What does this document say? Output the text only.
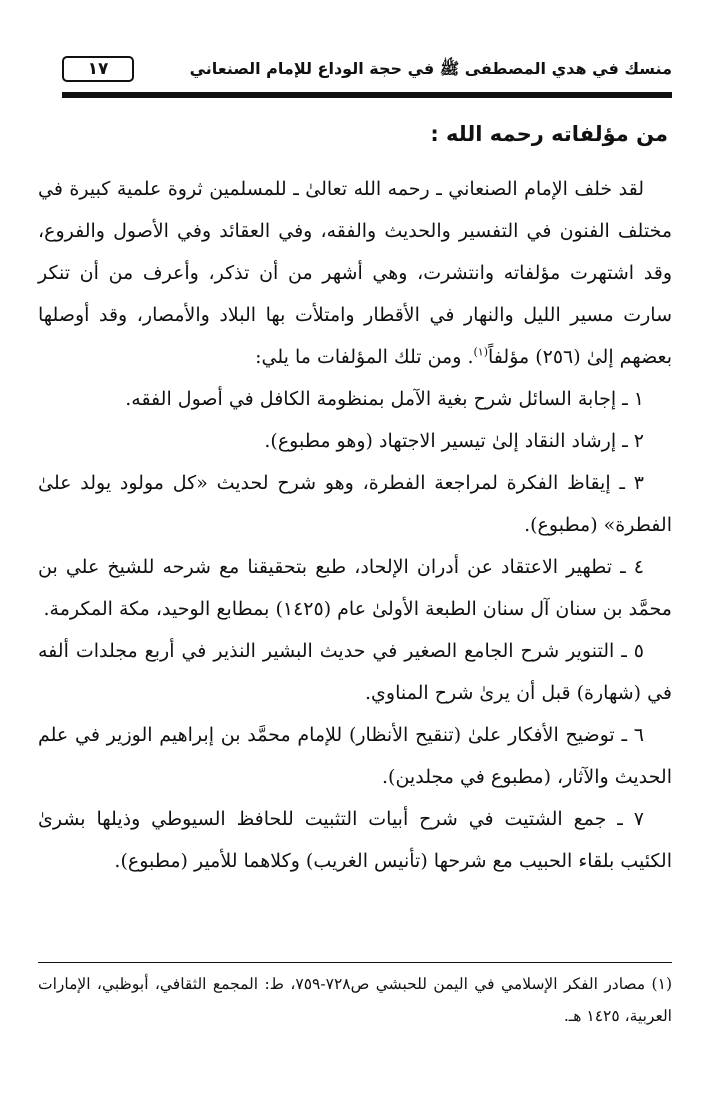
١٧	منسك في هدي المصطفى ﷺ في حجة الوداع للإمام الصنعاني
من مؤلفاته رحمه الله :

لقد خلف الإمام الصنعاني ـ رحمه الله تعالىٰ ـ للمسلمين ثروة علمية كبيرة في مختلف الفنون في التفسير والحديث والفقه، وفي العقائد وفي الأصول والفروع، وقد اشتهرت مؤلفاته وانتشرت، وهي أشهر من أن تذكر، وأعرف من أن تنكر سارت مسير الليل والنهار في الأقطار وامتلأت بها البلاد والأمصار، وقد أوصلها بعضهم إلىٰ (٢٥٦) مؤلفاً$^{(١)}$. ومن تلك المؤلفات ما يلي:

١ ـ إجابة السائل شرح بغية الآمل بمنظومة الكافل في أصول الفقه.

٢ ـ إرشاد النقاد إلىٰ تيسير الاجتهاد (وهو مطبوع).

٣ ـ إيقاظ الفكرة لمراجعة الفطرة، وهو شرح لحديث «كل مولود يولد علىٰ الفطرة» (مطبوع).

٤ ـ تطهير الاعتقاد عن أدران الإلحاد، طبع بتحقيقنا مع شرحه للشيخ علي بن محمَّد بن سنان آل سنان الطبعة الأولىٰ عام (١٤٢٥) بمطابع الوحيد، مكة المكرمة.

٥ ـ التنوير شرح الجامع الصغير في حديث البشير النذير في أربع مجلدات ألفه في (شهارة) قبل أن يرىٰ شرح المناوي.

٦ ـ توضيح الأفكار علىٰ (تنقيح الأنظار) للإمام محمَّد بن إبراهيم الوزير في علم الحديث والآثار، (مطبوع في مجلدين).

٧ ـ جمع الشتيت في شرح أبيات التثبيت للحافظ السيوطي وذيلها بشرىٰ الكئيب بلقاء الحبيب مع شرحها (تأنيس الغريب) وكلاهما للأمير (مطبوع).

(١) مصادر الفكر الإسلامي في اليمن للحبشي ص٧٢٨-٧٥٩، ط: المجمع الثقافي، أبوظبي، الإمارات العربية، ١٤٢٥ هـ.
